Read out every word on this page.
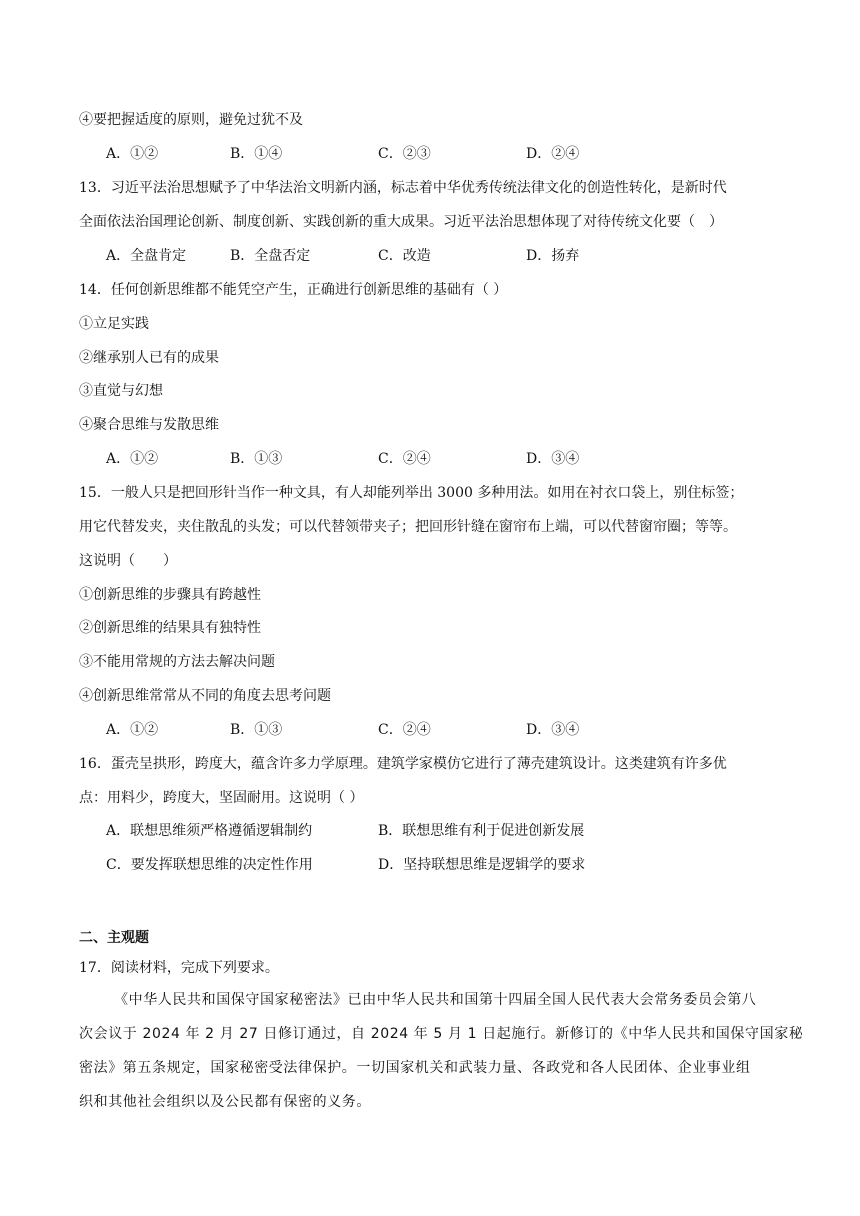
④要把握适度的原则，避免过犹不及
A．①②	B．①④	C．②③	D．②④
13．习近平法治思想赋予了中华法治文明新内涵，标志着中华优秀传统法律文化的创造性转化，是新时代
全面依法治国理论创新、制度创新、实践创新的重大成果。习近平法治思想体现了对待传统文化要（　）
A．全盘肯定	B．全盘否定	C．改造	D．扬弃
14．任何创新思维都不能凭空产生，正确进行创新思维的基础有（ ）
①立足实践
②继承别人已有的成果
③直觉与幻想
④聚合思维与发散思维
A．①②	B．①③	C．②④	D．③④
15．一般人只是把回形针当作一种文具，有人却能列举出 3000 多种用法。如用在衬衣口袋上，别住标签；
用它代替发夹，夹住散乱的头发；可以代替领带夹子；把回形针缝在窗帘布上端，可以代替窗帘圈；等等。
这说明（　　）
①创新思维的步骤具有跨越性
②创新思维的结果具有独特性
③不能用常规的方法去解决问题
④创新思维常常从不同的角度去思考问题
A．①②	B．①③	C．②④	D．③④
16．蛋壳呈拱形，跨度大，蕴含许多力学原理。建筑学家模仿它进行了薄壳建筑设计。这类建筑有许多优
点：用料少，跨度大，坚固耐用。这说明（ ）
A．联想思维须严格遵循逻辑制约	B．联想思维有利于促进创新发展
C．要发挥联想思维的决定性作用	D．坚持联想思维是逻辑学的要求
二、主观题
17．阅读材料，完成下列要求。
《中华人民共和国保守国家秘密法》已由中华人民共和国第十四届全国人民代表大会常务委员会第八
次会议于 2024 年 2 月 27 日修订通过，自 2024 年 5 月 1 日起施行。新修订的《中华人民共和国保守国家秘
密法》第五条规定，国家秘密受法律保护。一切国家机关和武装力量、各政党和各人民团体、企业事业组
织和其他社会组织以及公民都有保密的义务。
